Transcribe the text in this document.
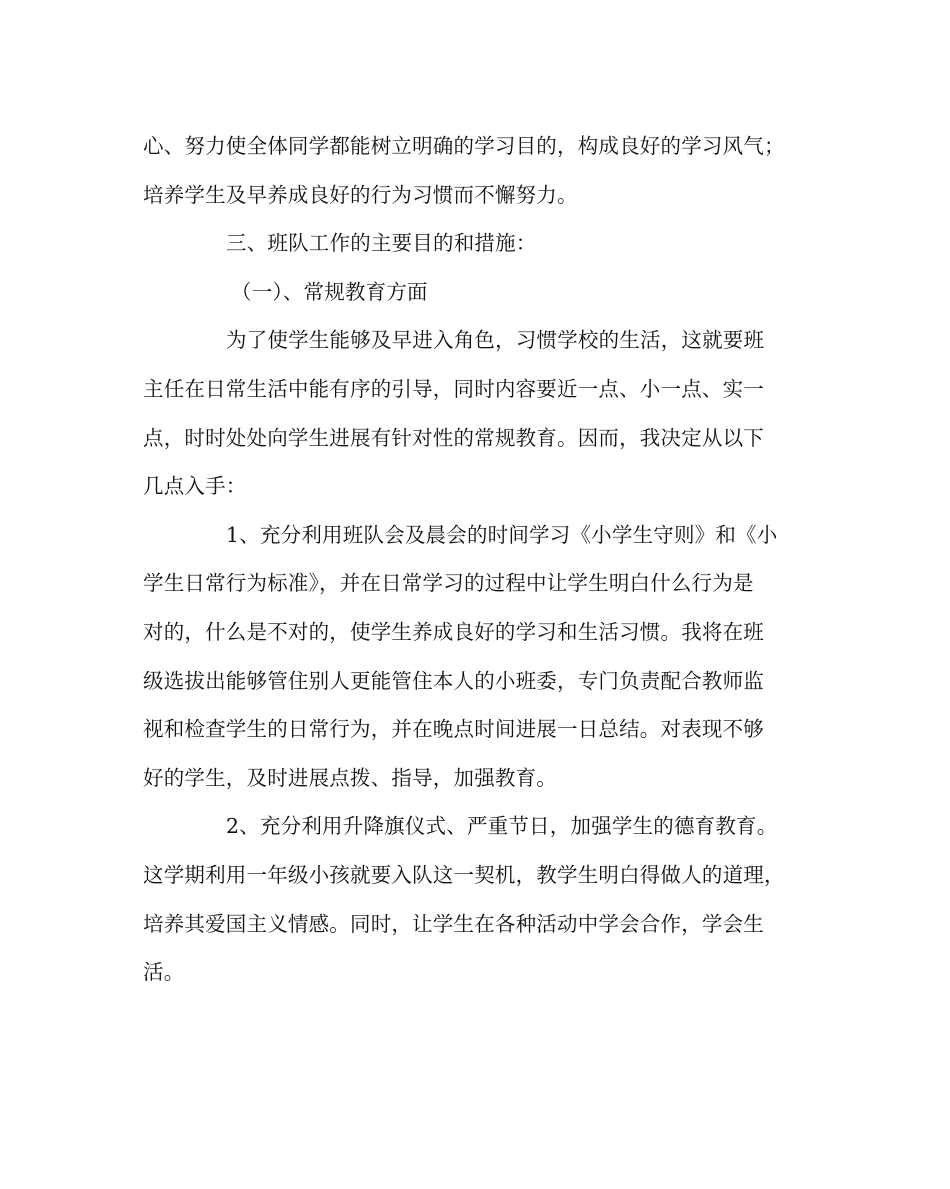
心、努力使全体同学都能树立明确的学习目的，构成良好的学习风气；
培养学生及早养成良好的行为习惯而不懈努力。
三、班队工作的主要目的和措施：
（一）、常规教育方面
为了使学生能够及早进入角色，习惯学校的生活，这就要班
主任在日常生活中能有序的引导，同时内容要近一点、小一点、实一
点，时时处处向学生进展有针对性的常规教育。因而，我决定从以下
几点入手：
1、充分利用班队会及晨会的时间学习《小学生守则》和《小
学生日常行为标准》，并在日常学习的过程中让学生明白什么行为是
对的，什么是不对的，使学生养成良好的学习和生活习惯。我将在班
级选拔出能够管住别人更能管住本人的小班委，专门负责配合教师监
视和检查学生的日常行为，并在晚点时间进展一日总结。对表现不够
好的学生，及时进展点拨、指导，加强教育。
2、充分利用升降旗仪式、严重节日，加强学生的德育教育。
这学期利用一年级小孩就要入队这一契机，教学生明白得做人的道理，
培养其爱国主义情感。同时，让学生在各种活动中学会合作，学会生
活。
